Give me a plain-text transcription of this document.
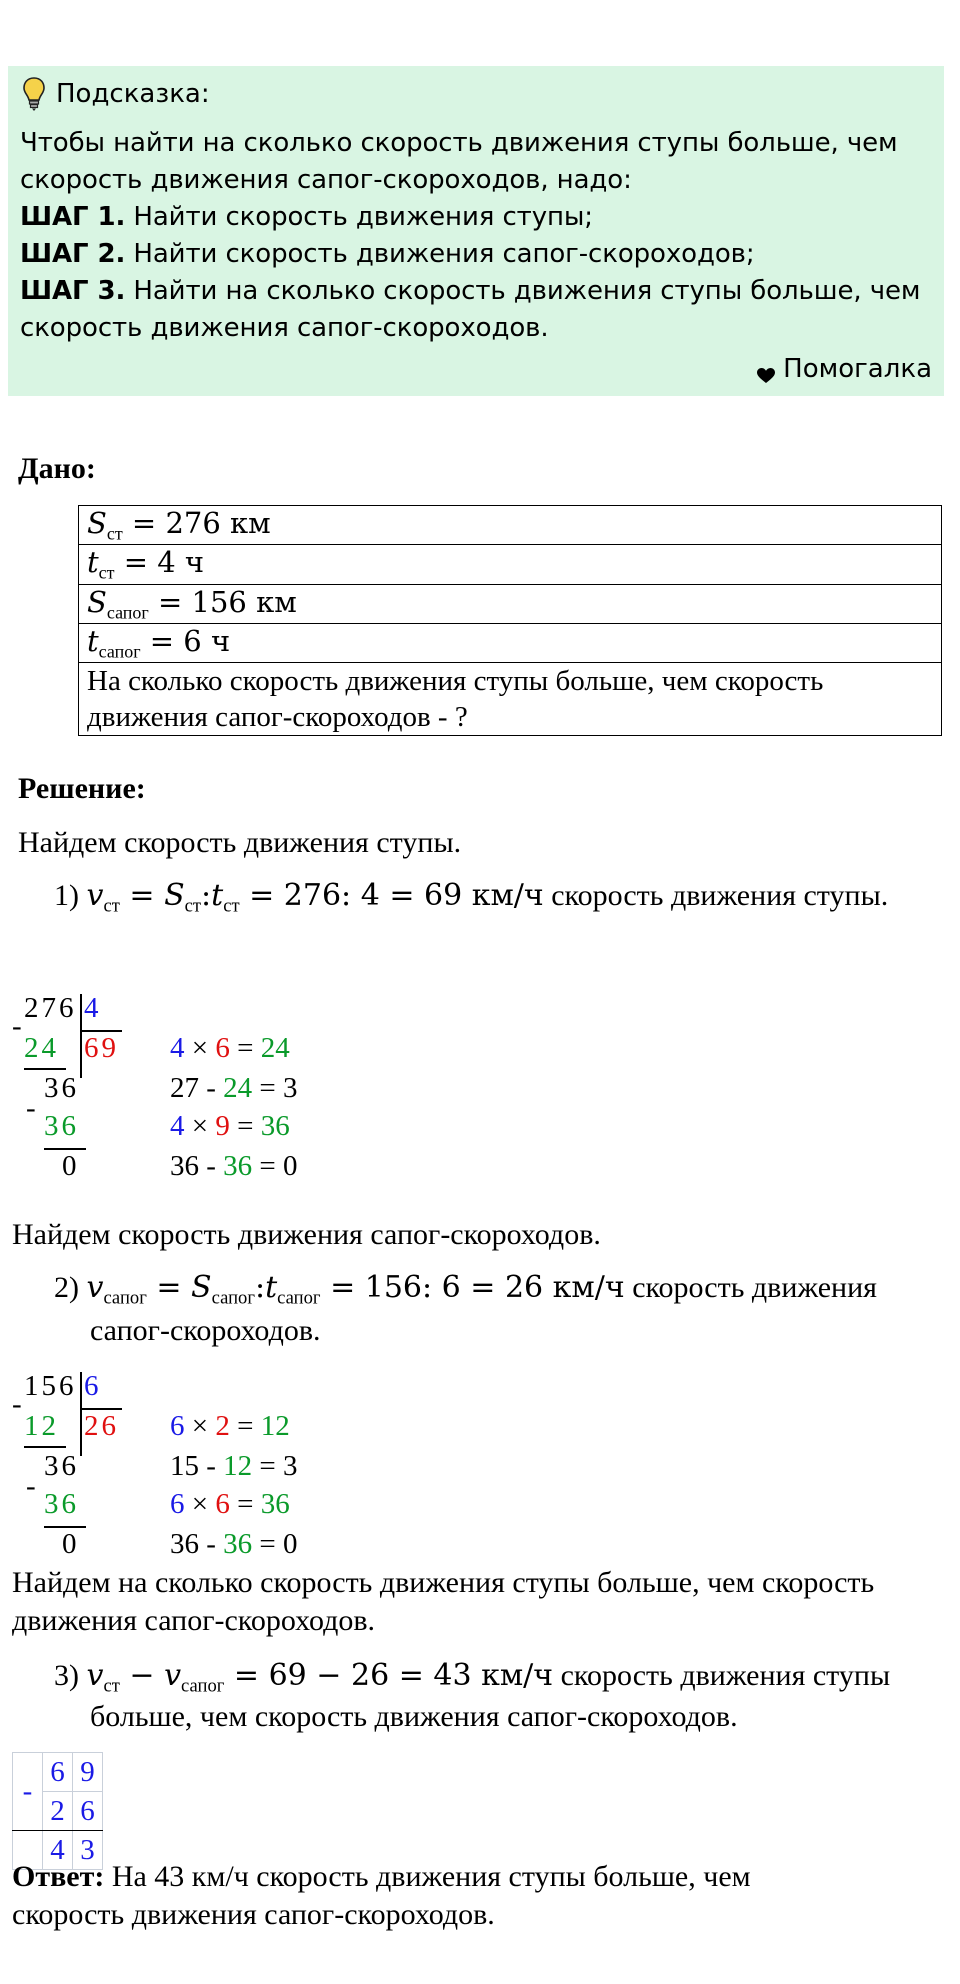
Подсказка:
Чтобы найти на сколько скорость движения ступы больше, чем
скорость движения сапог-скороходов, надо:
ШАГ 1. Найти скорость движения ступы;
ШАГ 2. Найти скорость движения сапог-скороходов;
ШАГ 3. Найти на сколько скорость движения ступы больше, чем
скорость движения сапог-скороходов.
Помогалка
Дано:
$S_{ст} = 276$ км
$t_{ст} = 4$ ч
$S_{сапог} = 156$ км
$t_{сапог} = 6$ ч
На сколько скорость движения ступы больше, чем скорость
движения сапог-скороходов - ?
Решение:
Найдем скорость движения ступы.
1) $v_{ст}$ = $S_{ст}:t_{ст} = 276$: 4 = 69 км/ч скорость движения ступы.
276 4
-
24 69
36
-
36
0
4 × 6 = 24
27 - 24 = 3
4 × 9 = 36
36 - 36 = 0
Найдем скорость движения сапог-скороходов.
2) $v_{сапог}$ = $S_{сапог}:t_{сапог} = 156$: 6 = 26 км/ч скорость движения
сапог-скороходов.
156 6
-
12 26
36
-
36
0
6 × 2 = 12
15 - 12 = 3
6 × 6 = 36
36 - 36 = 0
Найдем на сколько скорость движения ступы больше, чем скорость
движения сапог-скороходов.
3) $v_{ст} - v_{сапог} = 69 - 26 = 43$ км/ч скорость движения ступы
больше, чем скорость движения сапог-скороходов.
-	6	9
	2	6
	4	3
Ответ: На 43 км/ч скорость движения ступы больше, чем
скорость движения сапог-скороходов.
